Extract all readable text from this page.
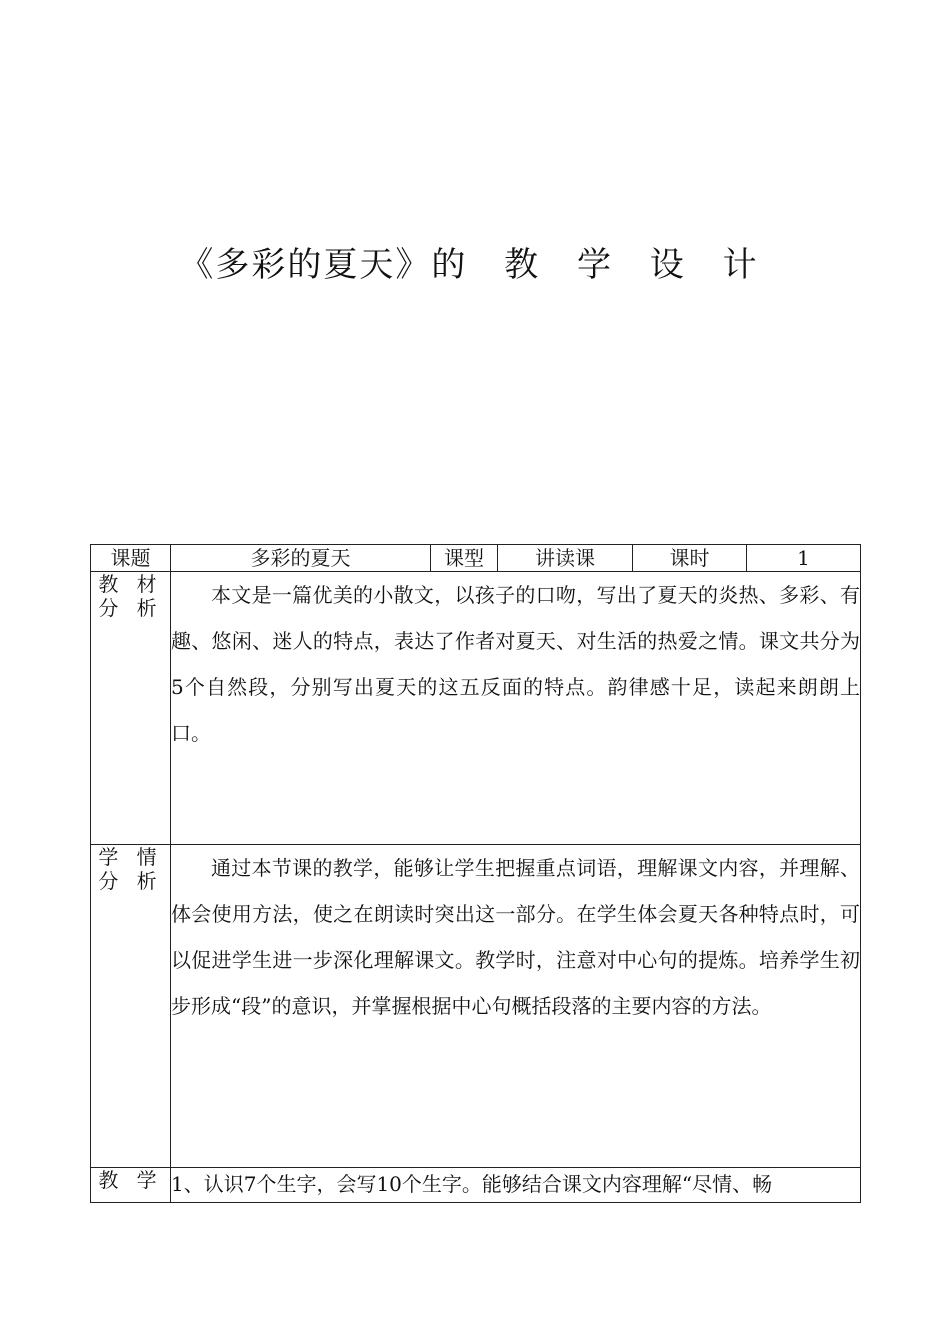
《多彩的夏天》的 教 学 设 计
课题	多彩的夏天	课型	讲读课	课时	1

教 材
分 析	本文是一篇优美的小散文，以孩子的口吻，写出了夏天的炎热、多彩、有趣、悠闲、迷人的特点，表达了作者对夏天、对生活的热爱之情。课文共分为5个自然段，分别写出夏天的这五反面的特点。韵律感十足，读起来朗朗上口。				

学 情
分 析	通过本节课的教学，能够让学生把握重点词语，理解课文内容，并理解、体会使用方法，使之在朗读时突出这一部分。在学生体会夏天各种特点时，可以促进学生进一步深化理解课文。教学时，注意对中心句的提炼。培养学生初步形成“段”的意识，并掌握根据中心句概括段落的主要内容的方法。				

教 学	1、认识7个生字，会写10个生字。能够结合课文内容理解“尽情、畅				
